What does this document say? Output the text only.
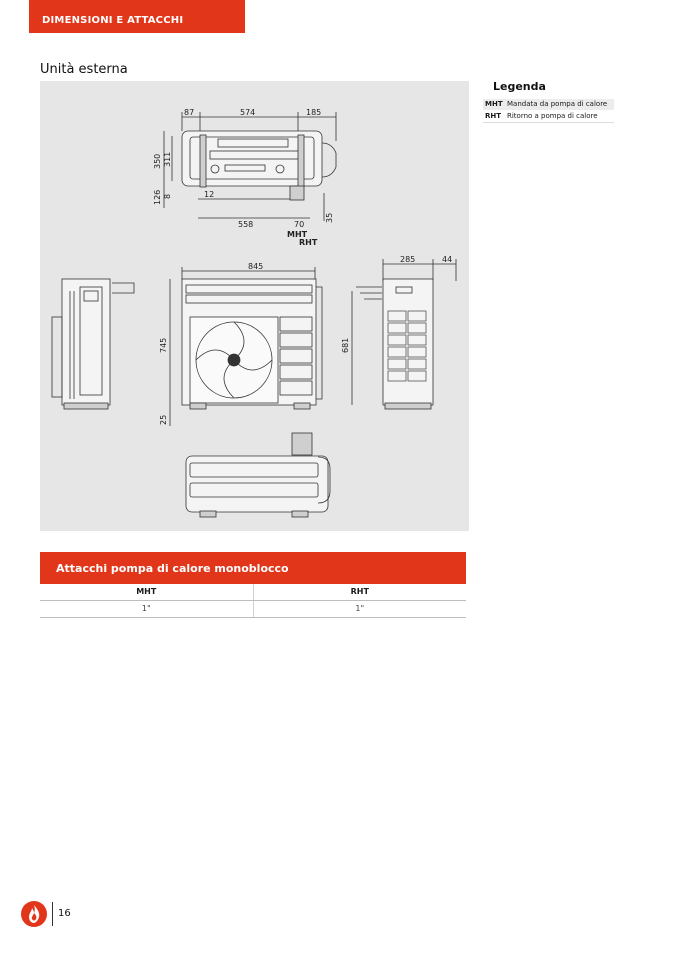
DIMENSIONI E ATTACCHI
Unità esterna
87	574	185
350 311
126 8	12
558	70
35
MHT
RHT
845
745
25
285	44
681
Legenda
MHT Mandata da pompa di calore
RHT Ritorno a pompa di calore
Attacchi pompa di calore monoblocco
MHT	RHT
1"	1"
16
